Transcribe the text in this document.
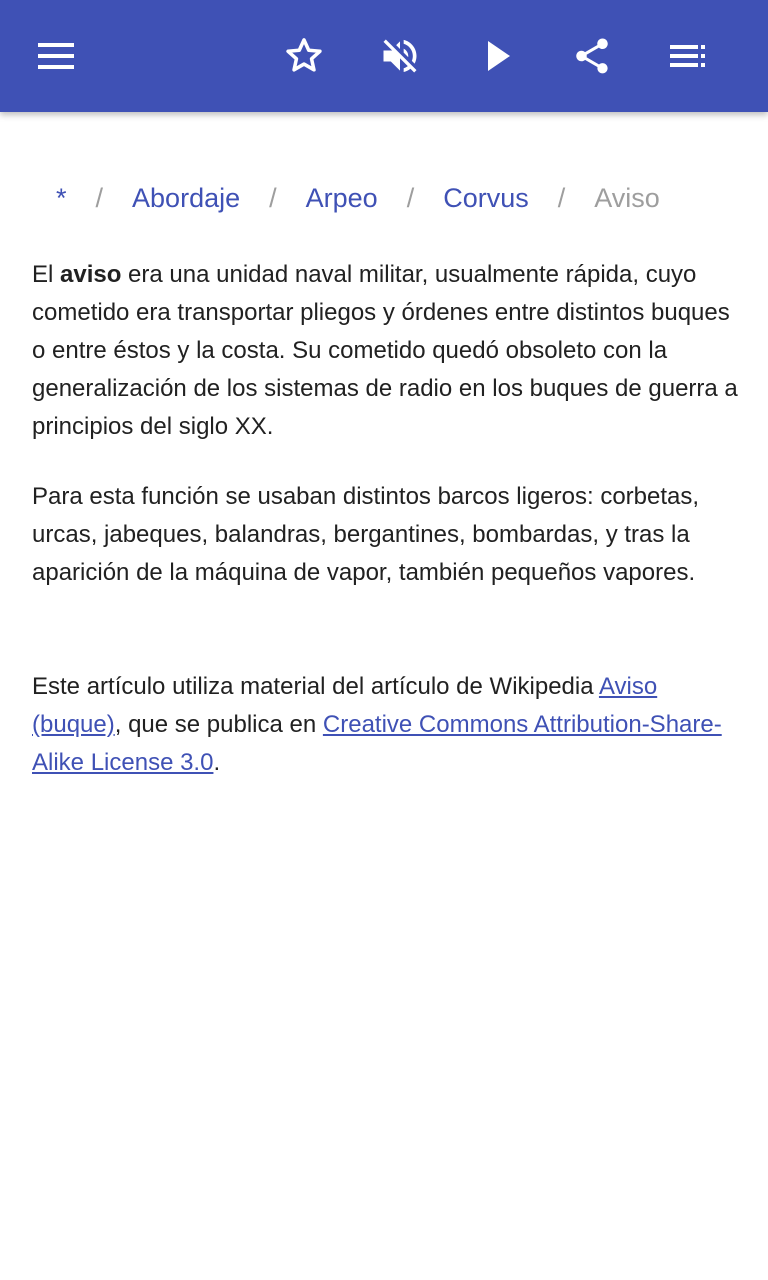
* / Abordaje / Arpeo / Corvus / Aviso

El aviso era una unidad naval militar, usualmente rápida, cuyo cometido era transportar pliegos y órdenes entre distintos buques o entre éstos y la costa. Su cometido quedó obsoleto con la generalización de los sistemas de radio en los buques de guerra a principios del siglo XX.

Para esta función se usaban distintos barcos ligeros: corbetas, urcas, jabeques, balandras, bergantines, bombardas, y tras la aparición de la máquina de vapor, también pequeños vapores.

Este artículo utiliza material del artículo de Wikipedia Aviso (buque), que se publica en Creative Commons Attribution-Share-Alike License 3.0.
